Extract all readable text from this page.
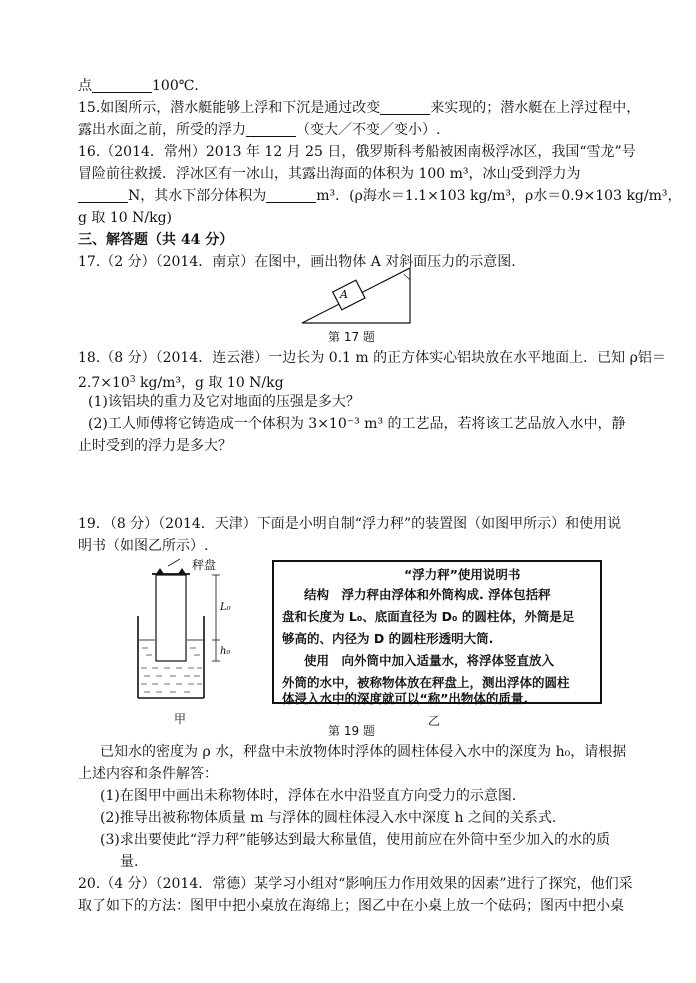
点	100℃．
15.如图所示，潜水艇能够上浮和下沉是通过改变	来实现的；潜水艇在上浮过程中，
露出水面之前，所受的浮力	（变大／不变／变小）.
16.（2014．常州）2013 年 12 月 25 日，俄罗斯科考船被困南极浮冰区，我国“雪龙”号
冒险前往救援．浮冰区有一冰山，其露出海面的体积为 100 m³，冰山受到浮力为
N，其水下部分体积为	m³．(ρ海水＝1.1×103 kg/m³，ρ水＝0.9×103 kg/m³，
g 取 10 N/kg)
三、解答题（共 44 分）
17.（2 分）（2014．南京）在图中，画出物体 A 对斜面压力的示意图.
A
第 17 题
18.（8 分）（2014．连云港）一边长为 0.1 m 的正方体实心铝块放在水平地面上．已知 ρ铝＝
$2.7\times 10^3$ kg/m³，g 取 10 N/kg
(1)该铝块的重力及它对地面的压强是多大？
(2)工人师傅将它铸造成一个体积为 3×10⁻³ m³ 的工艺品，若将该工艺品放入水中，静
止时受到的浮力是多大？
19．（8 分）（2014．天津）下面是小明自制“浮力秤”的装置图（如图甲所示）和使用说
明书（如图乙所示）.
L₀
h₀
秤盘
甲
“浮力秤”使用说明书
结构　浮力秤由浮体和外筒构成. 浮体包括秤
盘和长度为 L₀、底面直径为 D₀ 的圆柱体，外筒是足
够高的、内径为 D 的圆柱形透明大筒.
使用　向外筒中加入适量水，将浮体竖直放入
外筒的水中，被称物体放在秤盘上，测出浮体的圆柱
体浸入水中的深度就可以“称”出物体的质量.
乙
第 19 题
已知水的密度为 ρ 水，秤盘中未放物体时浮体的圆柱体侵入水中的深度为 h₀，请根据
上述内容和条件解答：
(1)在图甲中画出未称物体时，浮体在水中沿竖直方向受力的示意图.
(2)推导出被称物体质量 m 与浮体的圆柱体浸入水中深度 h 之间的关系式.
(3)求出要使此“浮力秤”能够达到最大称量值，使用前应在外筒中至少加入的水的质
量.
20.（4 分）（2014．常德）某学习小组对“影响压力作用效果的因素”进行了探究，他们采
取了如下的方法：图甲中把小桌放在海绵上；图乙中在小桌上放一个砝码；图丙中把小桌
